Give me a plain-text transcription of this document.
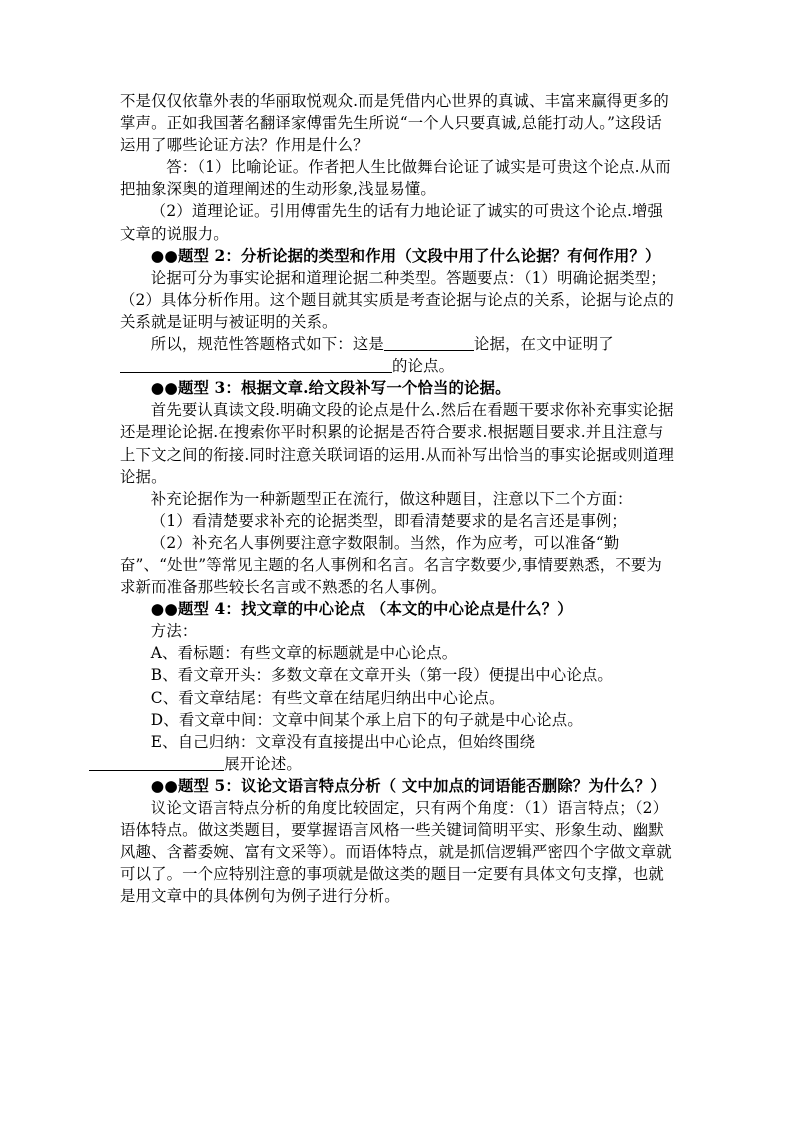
不是仅仅依靠外表的华丽取悦观众.而是凭借内心世界的真诚、丰富来赢得更多的掌声。正如我国著名翻译家傅雷先生所说“一个人只要真诚,总能打动人。”这段话运用了哪些论证方法？作用是什么？

答：（1）比喻论证。作者把人生比做舞台论证了诚实是可贵这个论点.从而把抽象深奥的道理阐述的生动形象,浅显易懂。

（2）道理论证。引用傅雷先生的话有力地论证了诚实的可贵这个论点.增强文章的说服力。

●●题型 2：分析论据的类型和作用（文段中用了什么论据？有何作用？）

论据可分为事实论据和道理论据二种类型。答题要点：（1）明确论据类型；（2）具体分析作用。这个题目就其实质是考查论据与论点的关系，论据与论点的关系就是证明与被证明的关系。

所以，规范性答题格式如下：这是	论据，在文中证明了的论点。

●●题型 3：根据文章.给文段补写一个恰当的论据。

首先要认真读文段.明确文段的论点是什么.然后在看题干要求你补充事实论据还是理论论据.在搜索你平时积累的论据是否符合要求.根据题目要求.并且注意与上下文之间的衔接.同时注意关联词语的运用.从而补写出恰当的事实论据或则道理论据。

补充论据作为一种新题型正在流行，做这种题目，注意以下二个方面：

（1）看清楚要求补充的论据类型，即看清楚要求的是名言还是事例；

（2）补充名人事例要注意字数限制。当然，作为应考，可以准备“勤奋”、“处世”等常见主题的名人事例和名言。名言字数要少,事情要熟悉，不要为求新而准备那些较长名言或不熟悉的名人事例。

●●题型 4：找文章的中心论点 （本文的中心论点是什么？）

方法：

A、看标题：有些文章的标题就是中心论点。

B、看文章开头：多数文章在文章开头（第一段）便提出中心论点。

C、看文章结尾：有些文章在结尾归纳出中心论点。

D、看文章中间：文章中间某个承上启下的句子就是中心论点。

E、自己归纳：文章没有直接提出中心论点，但始终围绕
展开论述。

●●题型 5：议论文语言特点分析（ 文中加点的词语能否删除？为什么？）

议论文语言特点分析的角度比较固定，只有两个角度：（1）语言特点；（2）语体特点。做这类题目，要掌握语言风格一些关键词简明平实、形象生动、幽默风趣、含蓄委婉、富有文采等）。而语体特点，就是抓信逻辑严密四个字做文章就可以了。一个应特别注意的事项就是做这类的题目一定要有具体文句支撑，也就是用文章中的具体例句为例子进行分析。
